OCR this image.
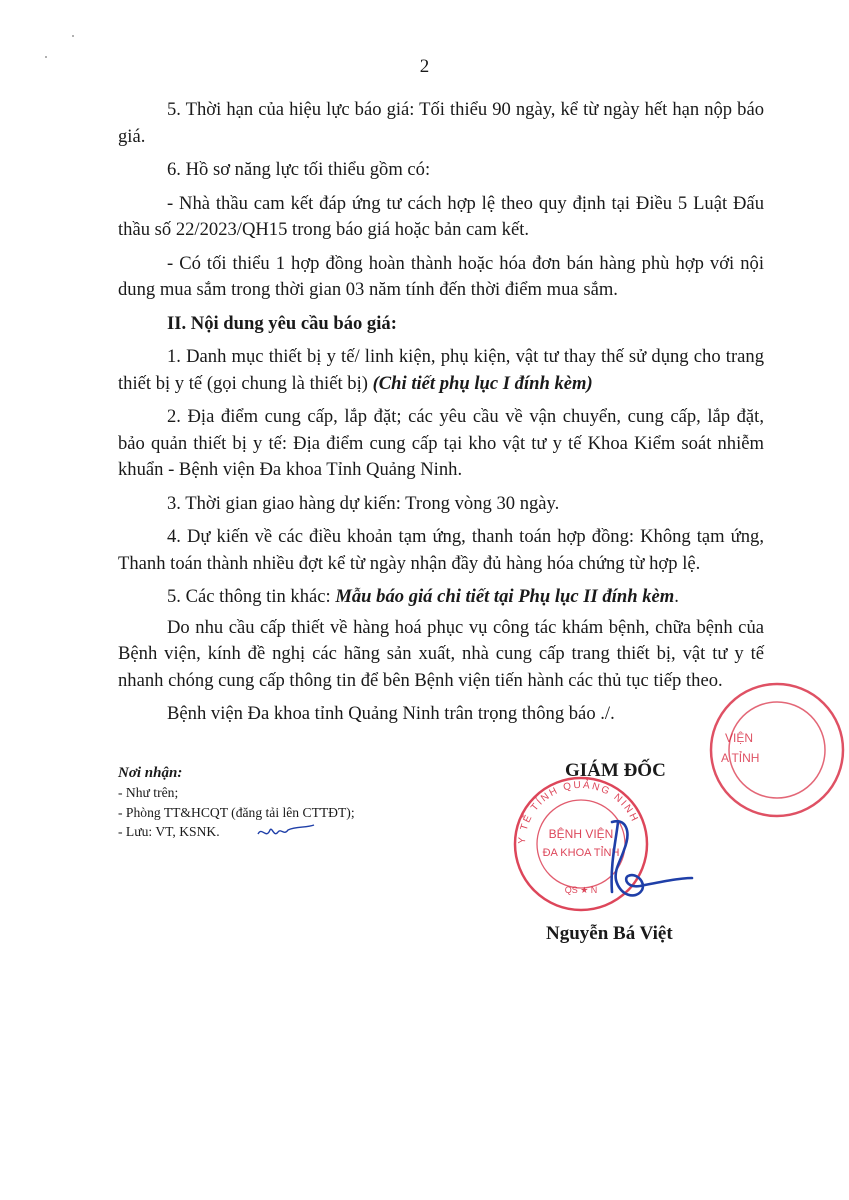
2

5. Thời hạn của hiệu lực báo giá: Tối thiểu 90 ngày, kể từ ngày hết hạn nộp báo giá.

6. Hồ sơ năng lực tối thiểu gồm có:

- Nhà thầu cam kết đáp ứng tư cách hợp lệ theo quy định tại Điều 5 Luật Đấu thầu số 22/2023/QH15 trong báo giá hoặc bản cam kết.

- Có tối thiểu 1 hợp đồng hoàn thành hoặc hóa đơn bán hàng phù hợp với nội dung mua sắm trong thời gian 03 năm tính đến thời điểm mua sắm.

II. Nội dung yêu cầu báo giá:

1. Danh mục thiết bị y tế/ linh kiện, phụ kiện, vật tư thay thế sử dụng cho trang thiết bị y tế (gọi chung là thiết bị) (Chi tiết phụ lục I đính kèm)

2. Địa điểm cung cấp, lắp đặt; các yêu cầu về vận chuyển, cung cấp, lắp đặt, bảo quản thiết bị y tế: Địa điểm cung cấp tại kho vật tư y tế Khoa Kiểm soát nhiễm khuẩn - Bệnh viện Đa khoa Tỉnh Quảng Ninh.

3. Thời gian giao hàng dự kiến: Trong vòng 30 ngày.

4. Dự kiến về các điều khoản tạm ứng, thanh toán hợp đồng: Không tạm ứng, Thanh toán thành nhiều đợt kể từ ngày nhận đầy đủ hàng hóa chứng từ hợp lệ.

5. Các thông tin khác: Mẫu báo giá chi tiết tại Phụ lục II đính kèm.

Do nhu cầu cấp thiết về hàng hoá phục vụ công tác khám bệnh, chữa bệnh của Bệnh viện, kính đề nghị các hãng sản xuất, nhà cung cấp trang thiết bị, vật tư y tế nhanh chóng cung cấp thông tin để bên Bệnh viện tiến hành các thủ tục tiếp theo.

Bệnh viện Đa khoa tỉnh Quảng Ninh trân trọng thông báo ./.

Nơi nhận:
- Như trên;
- Phòng TT&HCQT (đăng tải lên CTTĐT);
- Lưu: VT, KSNK.
VIỆN
A TỈNH
GIÁM ĐỐC
Y TẾ TỈNH QUẢNG NINH
BỆNH VIỆN
ĐA KHOA TỈNH
QS ★ N
Nguyễn Bá Việt
